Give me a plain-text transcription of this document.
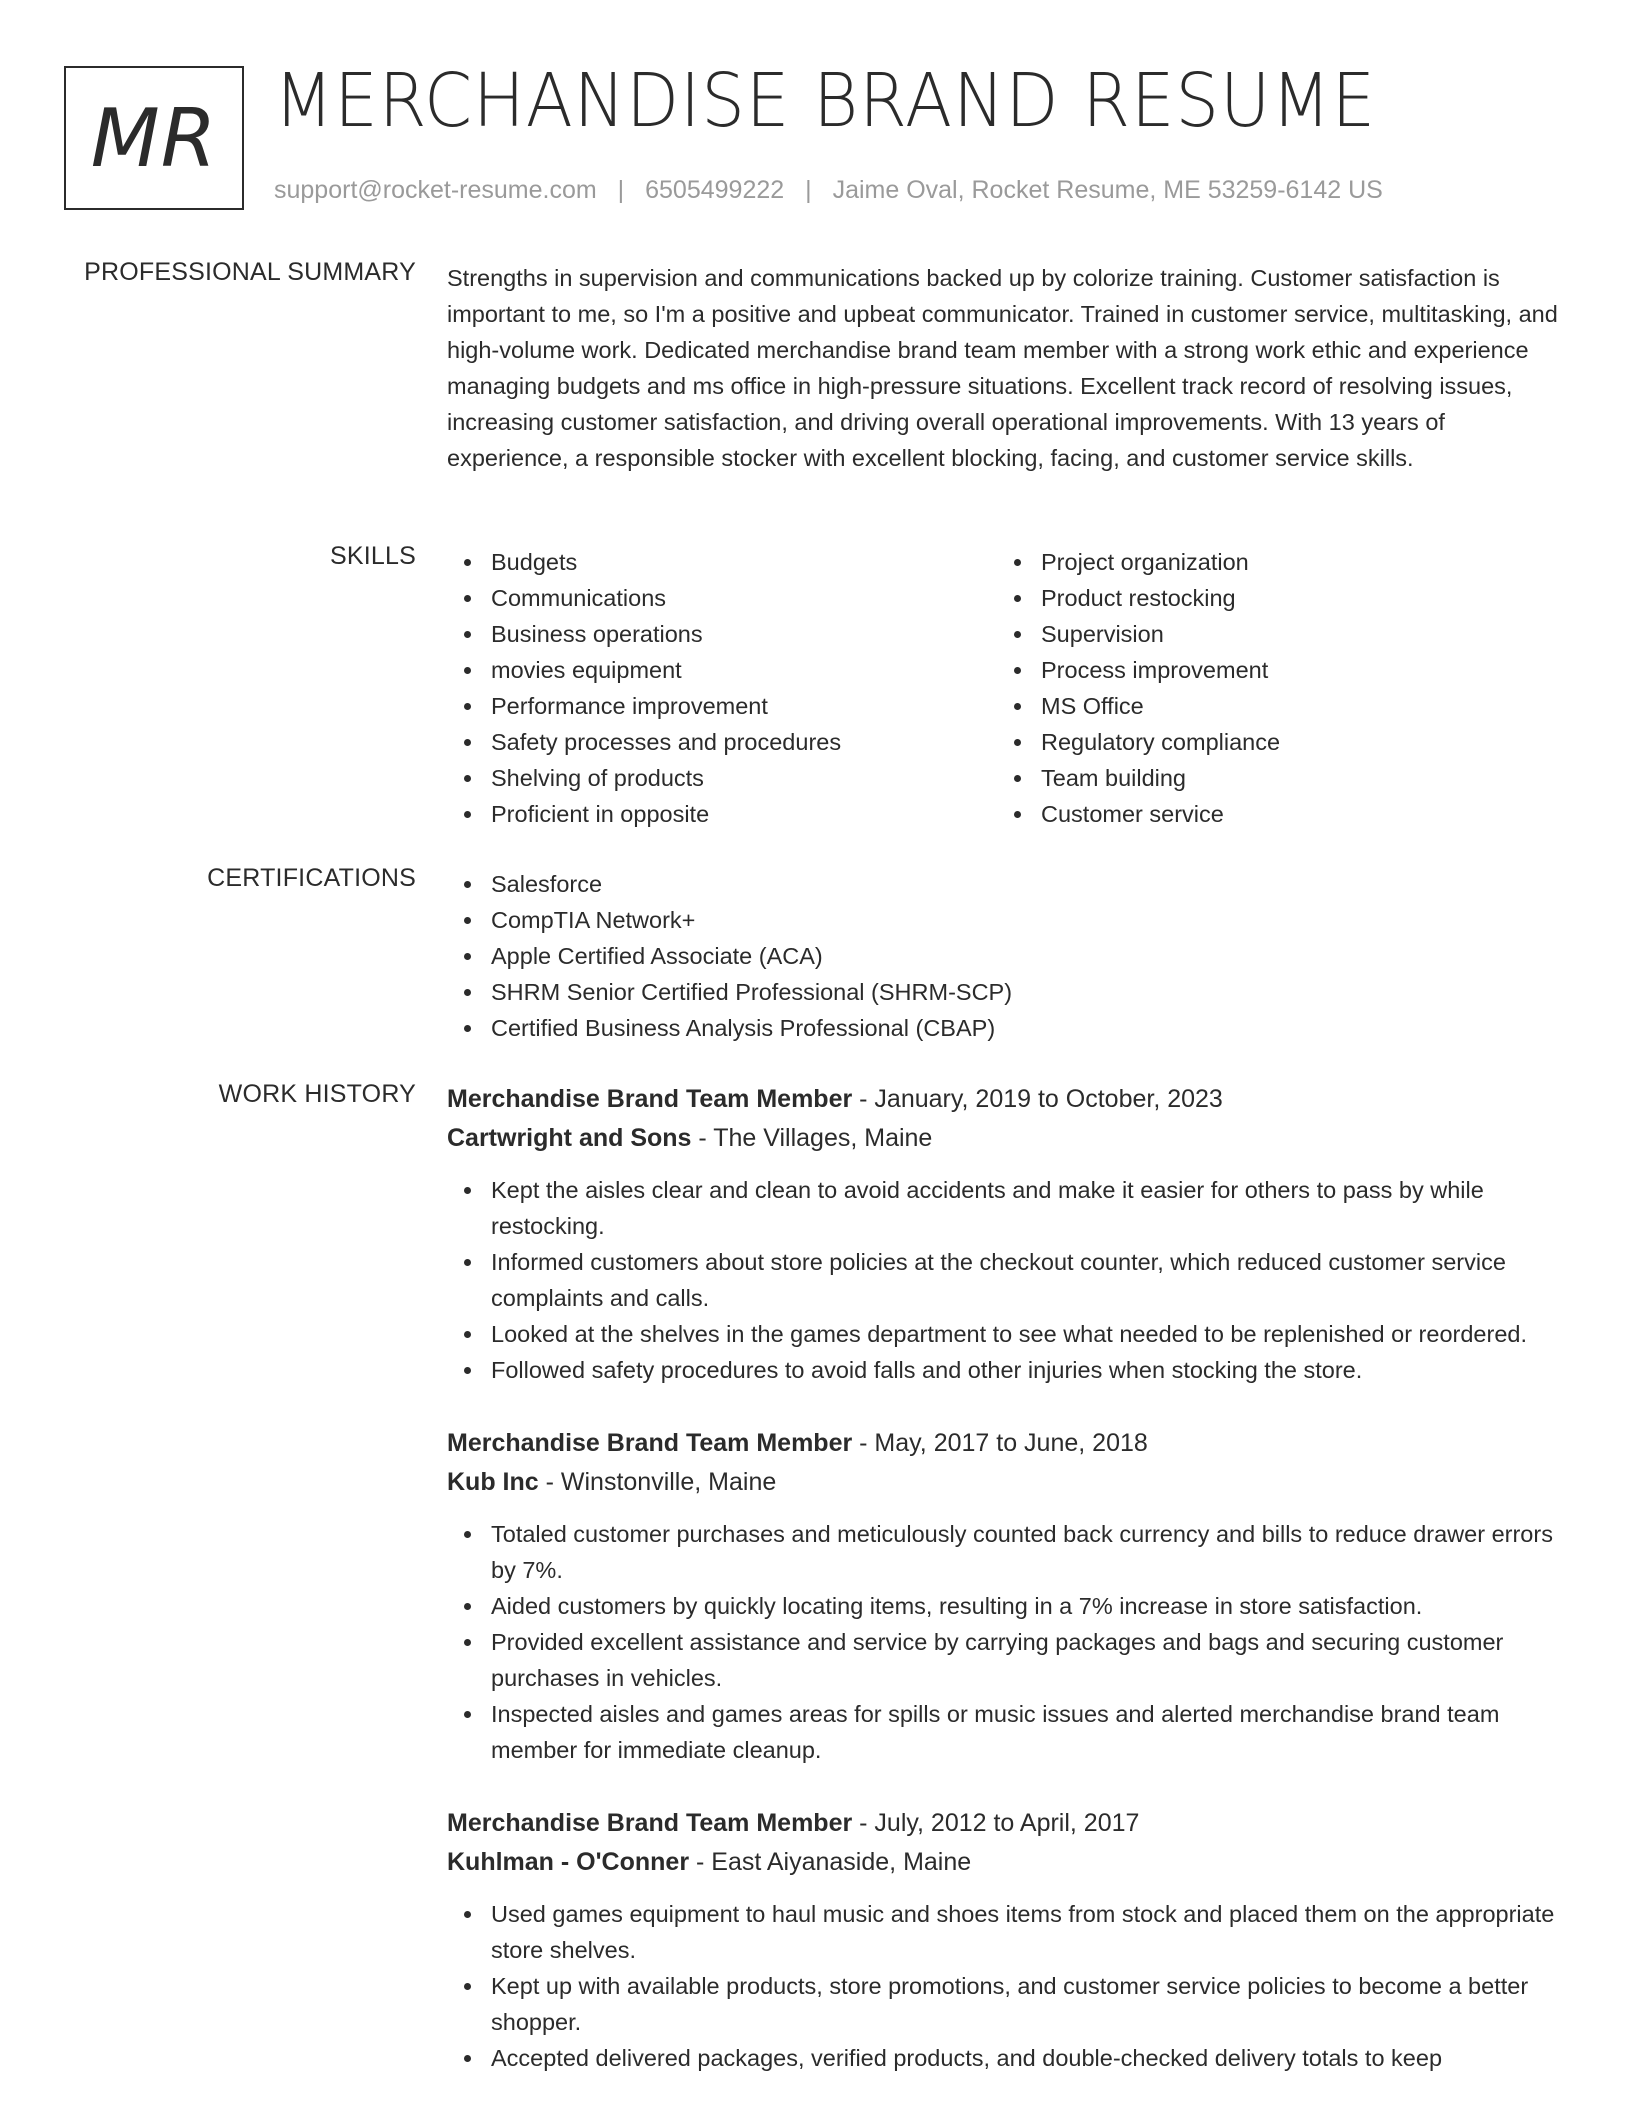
MR MERCHANDISE BRAND RESUME
support@rocket-resume.com | 6505499222 | Jaime Oval, Rocket Resume, ME 53259-6142 US
PROFESSIONAL SUMMARY Strengths in supervision and communications backed up by colorize training. Customer satisfaction is important to me, so I'm a positive and upbeat communicator. Trained in customer service, multitasking, and high-volume work. Dedicated merchandise brand team member with a strong work ethic and experience managing budgets and ms office in high-pressure situations. Excellent track record of resolving issues, increasing customer satisfaction, and driving overall operational improvements. With 13 years of experience, a responsible stocker with excellent blocking, facing, and customer service skills.

SKILLS	Budgets
Communications
Business operations
movies equipment
Performance improvement
Safety processes and procedures
Shelving of products
Proficient in opposite
Project organization
Product restocking
Supervision
Process improvement
MS Office
Regulatory compliance
Team building
Customer service
CERTIFICATIONS	Salesforce
CompTIA Network+
Apple Certified Associate (ACA)
SHRM Senior Certified Professional (SHRM-SCP)
Certified Business Analysis Professional (CBAP)
WORK HISTORY Merchandise Brand Team Member - January, 2019 to October, 2023
Cartwright and Sons - The Villages, Maine
Kept the aisles clear and clean to avoid accidents and make it easier for others to pass by while restocking.
Informed customers about store policies at the checkout counter, which reduced customer service complaints and calls.
Looked at the shelves in the games department to see what needed to be replenished or reordered.
Followed safety procedures to avoid falls and other injuries when stocking the store.
Merchandise Brand Team Member - May, 2017 to June, 2018
Kub Inc - Winstonville, Maine
Totaled customer purchases and meticulously counted back currency and bills to reduce drawer errors by 7%.
Aided customers by quickly locating items, resulting in a 7% increase in store satisfaction.
Provided excellent assistance and service by carrying packages and bags and securing customer purchases in vehicles.
Inspected aisles and games areas for spills or music issues and alerted merchandise brand team member for immediate cleanup.
Merchandise Brand Team Member - July, 2012 to April, 2017
Kuhlman - O'Conner - East Aiyanaside, Maine
Used games equipment to haul music and shoes items from stock and placed them on the appropriate store shelves.
Kept up with available products, store promotions, and customer service policies to become a better shopper.
Accepted delivered packages, verified products, and double-checked delivery totals to keep
